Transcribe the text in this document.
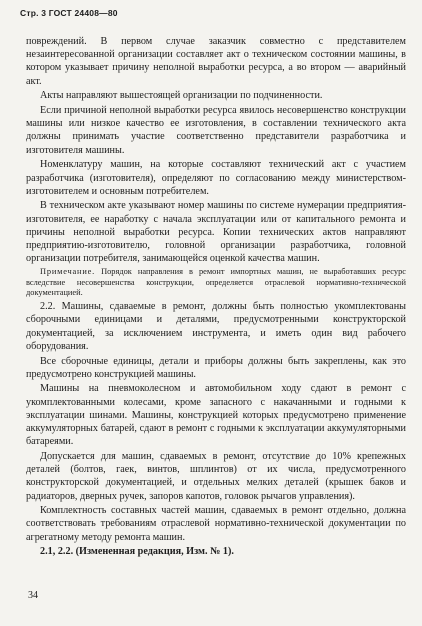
Стр. 3 ГОСТ 24408—80

повреждений. В первом случае заказчик совместно с представителем незаинтересованной организации составляет акт о техническом состоянии машины, в котором указывает причину неполной выработки ресурса, а во втором — аварийный акт.

Акты направляют вышестоящей организации по подчиненности.

Если причиной неполной выработки ресурса явилось несовершенство конструкции машины или низкое качество ее изготовления, в составлении технического акта должны принимать участие соответственно представители разработчика и изготовителя машины.

Номенклатуру машин, на которые составляют технический акт с участием разработчика (изготовителя), определяют по согласованию между министерством-изготовителем и основным потребителем.

В техническом акте указывают номер машины по системе нумерации предприятия-изготовителя, ее наработку с начала эксплуатации или от капитального ремонта и причины неполной выработки ресурса. Копии технических актов направляют предприятию-изготовителю, головной организации разработчика, головной организации потребителя, занимающейся оценкой качества машин.

Примечание. Порядок направления в ремонт импортных машин, не выработавших ресурс вследствие несовершенства конструкции, определяется отраслевой нормативно-технической документацией.

2.2. Машины, сдаваемые в ремонт, должны быть полностью укомплектованы сборочными единицами и деталями, предусмотренными конструкторской документацией, за исключением инструмента, и иметь один вид рабочего оборудования.

Все сборочные единицы, детали и приборы должны быть закреплены, как это предусмотрено конструкцией машины.

Машины на пневмоколесном и автомобильном ходу сдают в ремонт с укомплектованными колесами, кроме запасного с накачанными и годными к эксплуатации шинами. Машины, конструкцией которых предусмотрено применение аккумуляторных батарей, сдают в ремонт с годными к эксплуатации аккумуляторными батареями.

Допускается для машин, сдаваемых в ремонт, отсутствие до 10% крепежных деталей (болтов, гаек, винтов, шплинтов) от их числа, предусмотренного конструкторской документацией, и отдельных мелких деталей (крышек баков и радиаторов, дверных ручек, запоров капотов, головок рычагов управления).

Комплектность составных частей машин, сдаваемых в ремонт отдельно, должна соответствовать требованиям отраслевой нормативно-технической документации по агрегатному методу ремонта машин.

2.1, 2.2. (Измененная редакция, Изм. № 1).

34
